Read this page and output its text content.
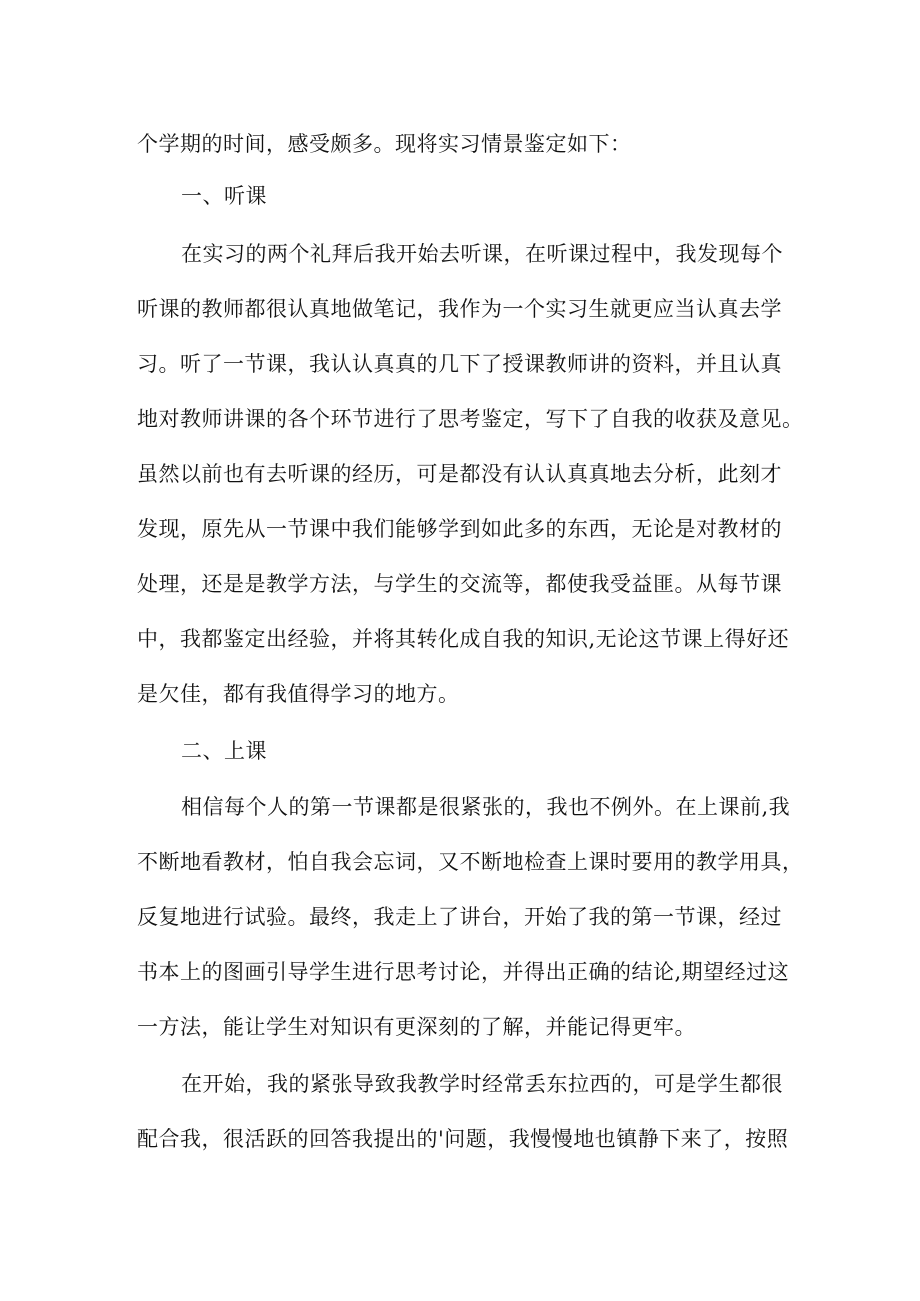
个学期的时间，感受颇多。现将实习情景鉴定如下：
一、听课
在实习的两个礼拜后我开始去听课，在听课过程中，我发现每个
听课的教师都很认真地做笔记，我作为一个实习生就更应当认真去学
习。听了一节课，我认认真真的几下了授课教师讲的资料，并且认真
地对教师讲课的各个环节进行了思考鉴定，写下了自我的收获及意见。
虽然以前也有去听课的经历，可是都没有认认真真地去分析，此刻才
发现，原先从一节课中我们能够学到如此多的东西，无论是对教材的
处理，还是是教学方法，与学生的交流等，都使我受益匪。从每节课
中，我都鉴定出经验，并将其转化成自我的知识,无论这节课上得好还
是欠佳，都有我值得学习的地方。
二、上课
相信每个人的第一节课都是很紧张的，我也不例外。在上课前,我
不断地看教材，怕自我会忘词，又不断地检查上课时要用的教学用具，
反复地进行试验。最终，我走上了讲台，开始了我的第一节课，经过
书本上的图画引导学生进行思考讨论，并得出正确的结论,期望经过这
一方法，能让学生对知识有更深刻的了解，并能记得更牢。
在开始，我的紧张导致我教学时经常丢东拉西的，可是学生都很
配合我，很活跃的回答我提出的'问题，我慢慢地也镇静下来了，按照
